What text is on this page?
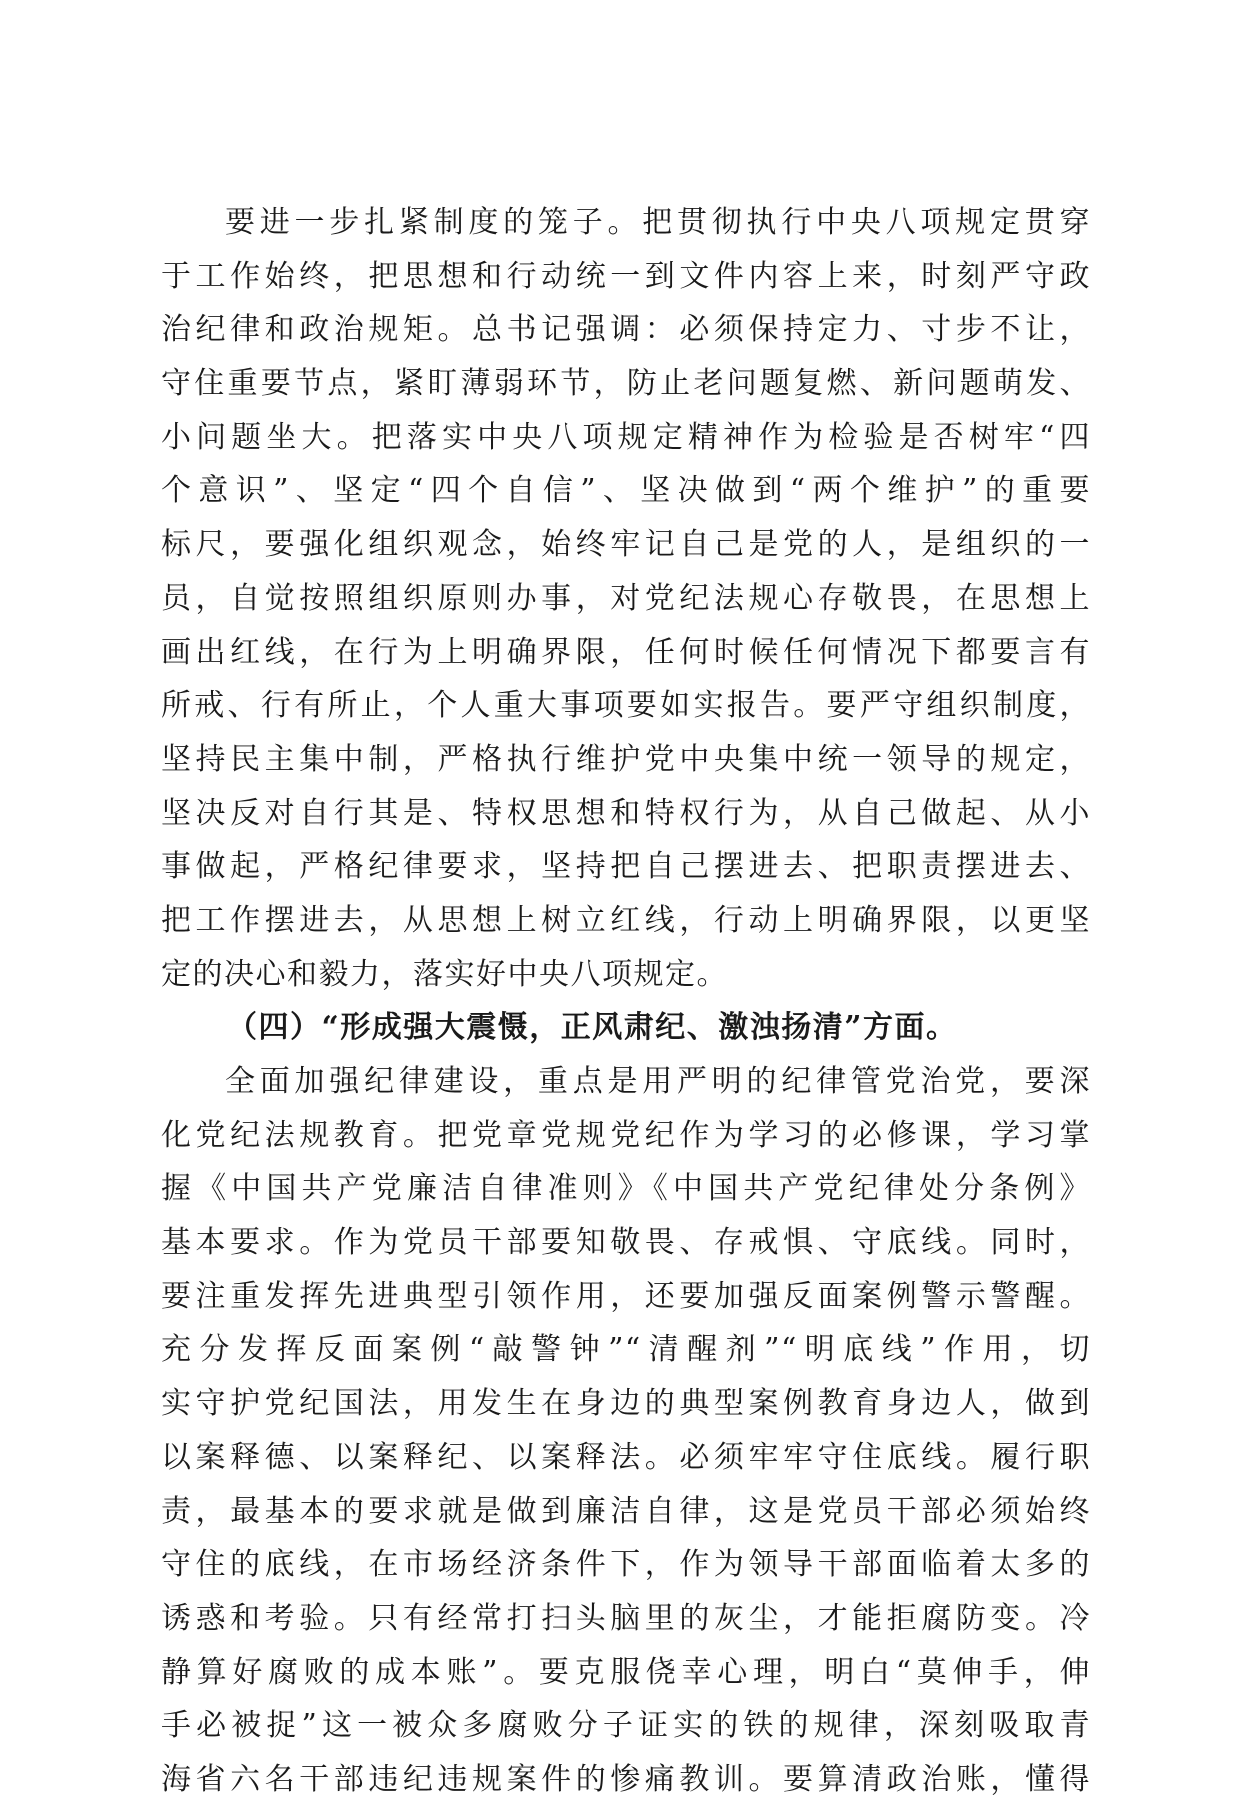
要进一步扎紧制度的笼子。把贯彻执行中央八项规定贯穿
于工作始终，把思想和行动统一到文件内容上来，时刻严守政
治纪律和政治规矩。总书记强调：必须保持定力、寸步不让，
守住重要节点，紧盯薄弱环节，防止老问题复燃、新问题萌发、
小问题坐大。把落实中央八项规定精神作为检验是否树牢“四
个意识”、坚定“四个自信”、坚决做到“两个维护”的重要
标尺，要强化组织观念，始终牢记自己是党的人，是组织的一
员，自觉按照组织原则办事，对党纪法规心存敬畏，在思想上
画出红线，在行为上明确界限，任何时候任何情况下都要言有
所戒、行有所止，个人重大事项要如实报告。要严守组织制度，
坚持民主集中制，严格执行维护党中央集中统一领导的规定，
坚决反对自行其是、特权思想和特权行为，从自己做起、从小
事做起，严格纪律要求，坚持把自己摆进去、把职责摆进去、
把工作摆进去，从思想上树立红线，行动上明确界限，以更坚
定的决心和毅力，落实好中央八项规定。
（四）“形成强大震慑，正风肃纪、激浊扬清”方面。
全面加强纪律建设，重点是用严明的纪律管党治党，要深
化党纪法规教育。把党章党规党纪作为学习的必修课，学习掌
握《中国共产党廉洁自律准则》《中国共产党纪律处分条例》
基本要求。作为党员干部要知敬畏、存戒惧、守底线。同时，
要注重发挥先进典型引领作用，还要加强反面案例警示警醒。
充分发挥反面案例“敲警钟”“清醒剂”“明底线”作用，切
实守护党纪国法，用发生在身边的典型案例教育身边人，做到
以案释德、以案释纪、以案释法。必须牢牢守住底线。履行职
责，最基本的要求就是做到廉洁自律，这是党员干部必须始终
守住的底线，在市场经济条件下，作为领导干部面临着太多的
诱惑和考验。只有经常打扫头脑里的灰尘，才能拒腐防变。冷
静算好腐败的成本账”。要克服侥幸心理，明白“莫伸手，伸
手必被捉”这一被众多腐败分子证实的铁的规律，深刻吸取青
海省六名干部违纪违规案件的惨痛教训。要算清政治账，懂得
